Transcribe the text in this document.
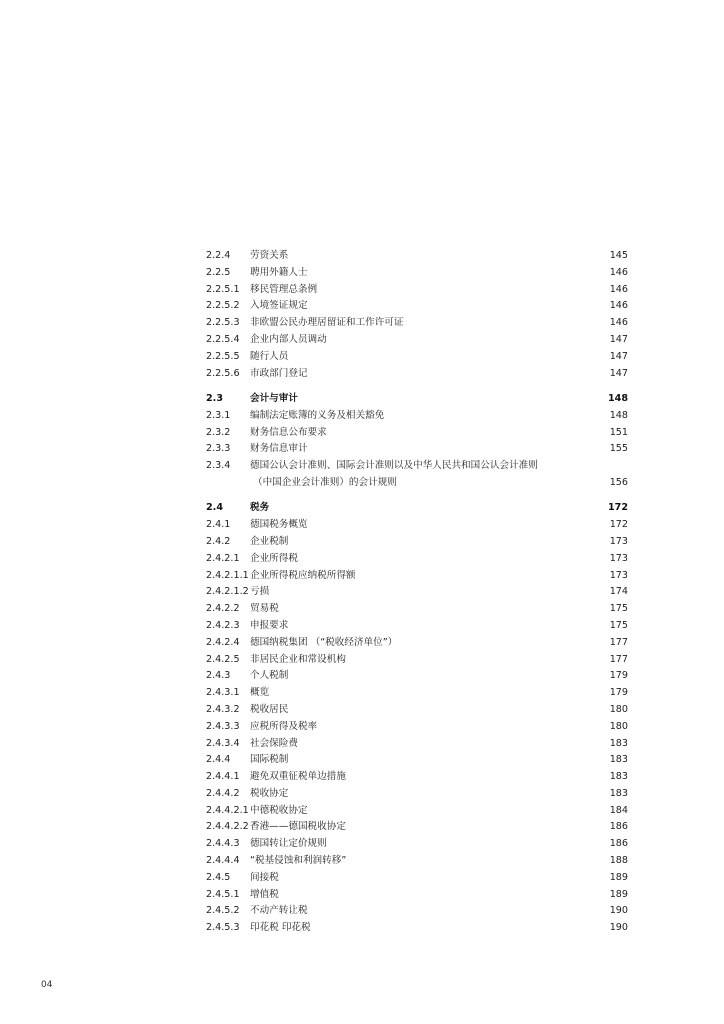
2.2.4 劳资关系	145
2.2.5 聘用外籍人士	146
2.2.5.1 移民管理总条例	146
2.2.5.2 入境签证规定	146
2.2.5.3 非欧盟公民办理居留证和工作许可证	146
2.2.5.4 企业内部人员调动	147
2.2.5.5 随行人员	147
2.2.5.6 市政部门登记	147
2.3	会计与审计	148
2.3.1 编制法定账簿的义务及相关豁免	148
2.3.2 财务信息公布要求	151
2.3.3 财务信息审计	155
2.3.4 德国公认会计准则、国际会计准则以及中华人民共和国公认会计准则
（中国企业会计准则）的会计规则	156
2.4	税务	172
2.4.1 德国税务概览	172
2.4.2 企业税制	173
2.4.2.1 企业所得税	173
2.4.2.1.1 企业所得税应纳税所得额	173
2.4.2.1.2 亏损	174
2.4.2.2 贸易税	175
2.4.2.3 申报要求	175
2.4.2.4 德国纳税集团 （“税收经济单位”）	177
2.4.2.5 非居民企业和常设机构	177
2.4.3 个人税制	179
2.4.3.1 概览	179
2.4.3.2 税收居民	180
2.4.3.3 应税所得及税率	180
2.4.3.4 社会保险费	183
2.4.4 国际税制	183
2.4.4.1 避免双重征税单边措施	183
2.4.4.2 税收协定	183
2.4.4.2.1 中德税收协定	184
2.4.4.2.2 香港——德国税收协定	186
2.4.4.3 德国转让定价规则	186
2.4.4.4 “税基侵蚀和利润转移”	188
2.4.5 间接税	189
2.4.5.1 增值税	189
2.4.5.2 不动产转让税	190
2.4.5.3 印花税 印花税	190
04
